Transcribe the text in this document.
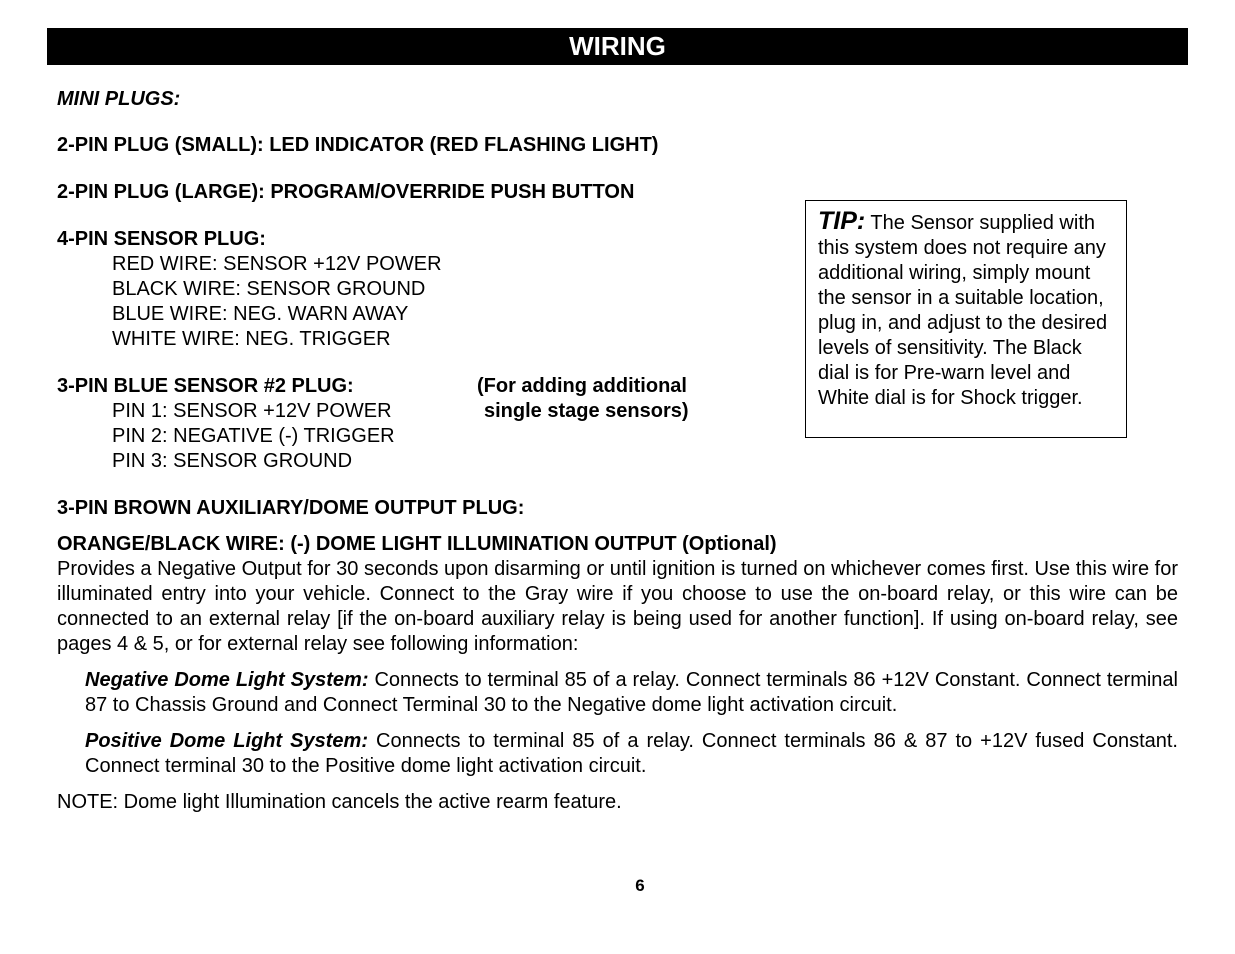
WIRING
MINI PLUGS:
2-PIN PLUG (SMALL): LED INDICATOR (RED FLASHING LIGHT)
2-PIN PLUG (LARGE): PROGRAM/OVERRIDE PUSH BUTTON
4-PIN SENSOR PLUG:
RED WIRE: SENSOR +12V POWER
BLACK WIRE: SENSOR GROUND
BLUE WIRE: NEG. WARN AWAY
WHITE WIRE: NEG. TRIGGER
3-PIN BLUE SENSOR #2 PLUG:	(For adding additional
single stage sensors)
PIN 1: SENSOR +12V POWER
PIN 2: NEGATIVE (-) TRIGGER
PIN 3: SENSOR GROUND
TIP: The Sensor supplied with this system does not require any additional wiring, simply mount the sensor in a suitable location, plug in, and adjust to the desired levels of sensitivity. The Black dial is for Pre-warn level and White dial is for Shock trigger.
3-PIN BROWN AUXILIARY/DOME OUTPUT PLUG:
ORANGE/BLACK WIRE: (-) DOME LIGHT ILLUMINATION OUTPUT (Optional)
Provides a Negative Output for 30 seconds upon disarming or until ignition is turned on whichever comes first. Use this wire for illuminated entry into your vehicle. Connect to the Gray wire if you choose to use the on-board relay, or this wire can be connected to an external relay [if the on-board auxiliary relay is being used for another function]. If using on-board relay, see pages 4 & 5, or for external relay see following information:
Negative Dome Light System: Connects to terminal 85 of a relay. Connect terminals 86 +12V Constant. Connect terminal 87 to Chassis Ground and Connect Terminal 30 to the Negative dome light activation circuit.
Positive Dome Light System: Connects to terminal 85 of a relay. Connect terminals 86 & 87 to +12V fused Constant. Connect terminal 30 to the Positive dome light activation circuit.
NOTE: Dome light Illumination cancels the active rearm feature.
6
